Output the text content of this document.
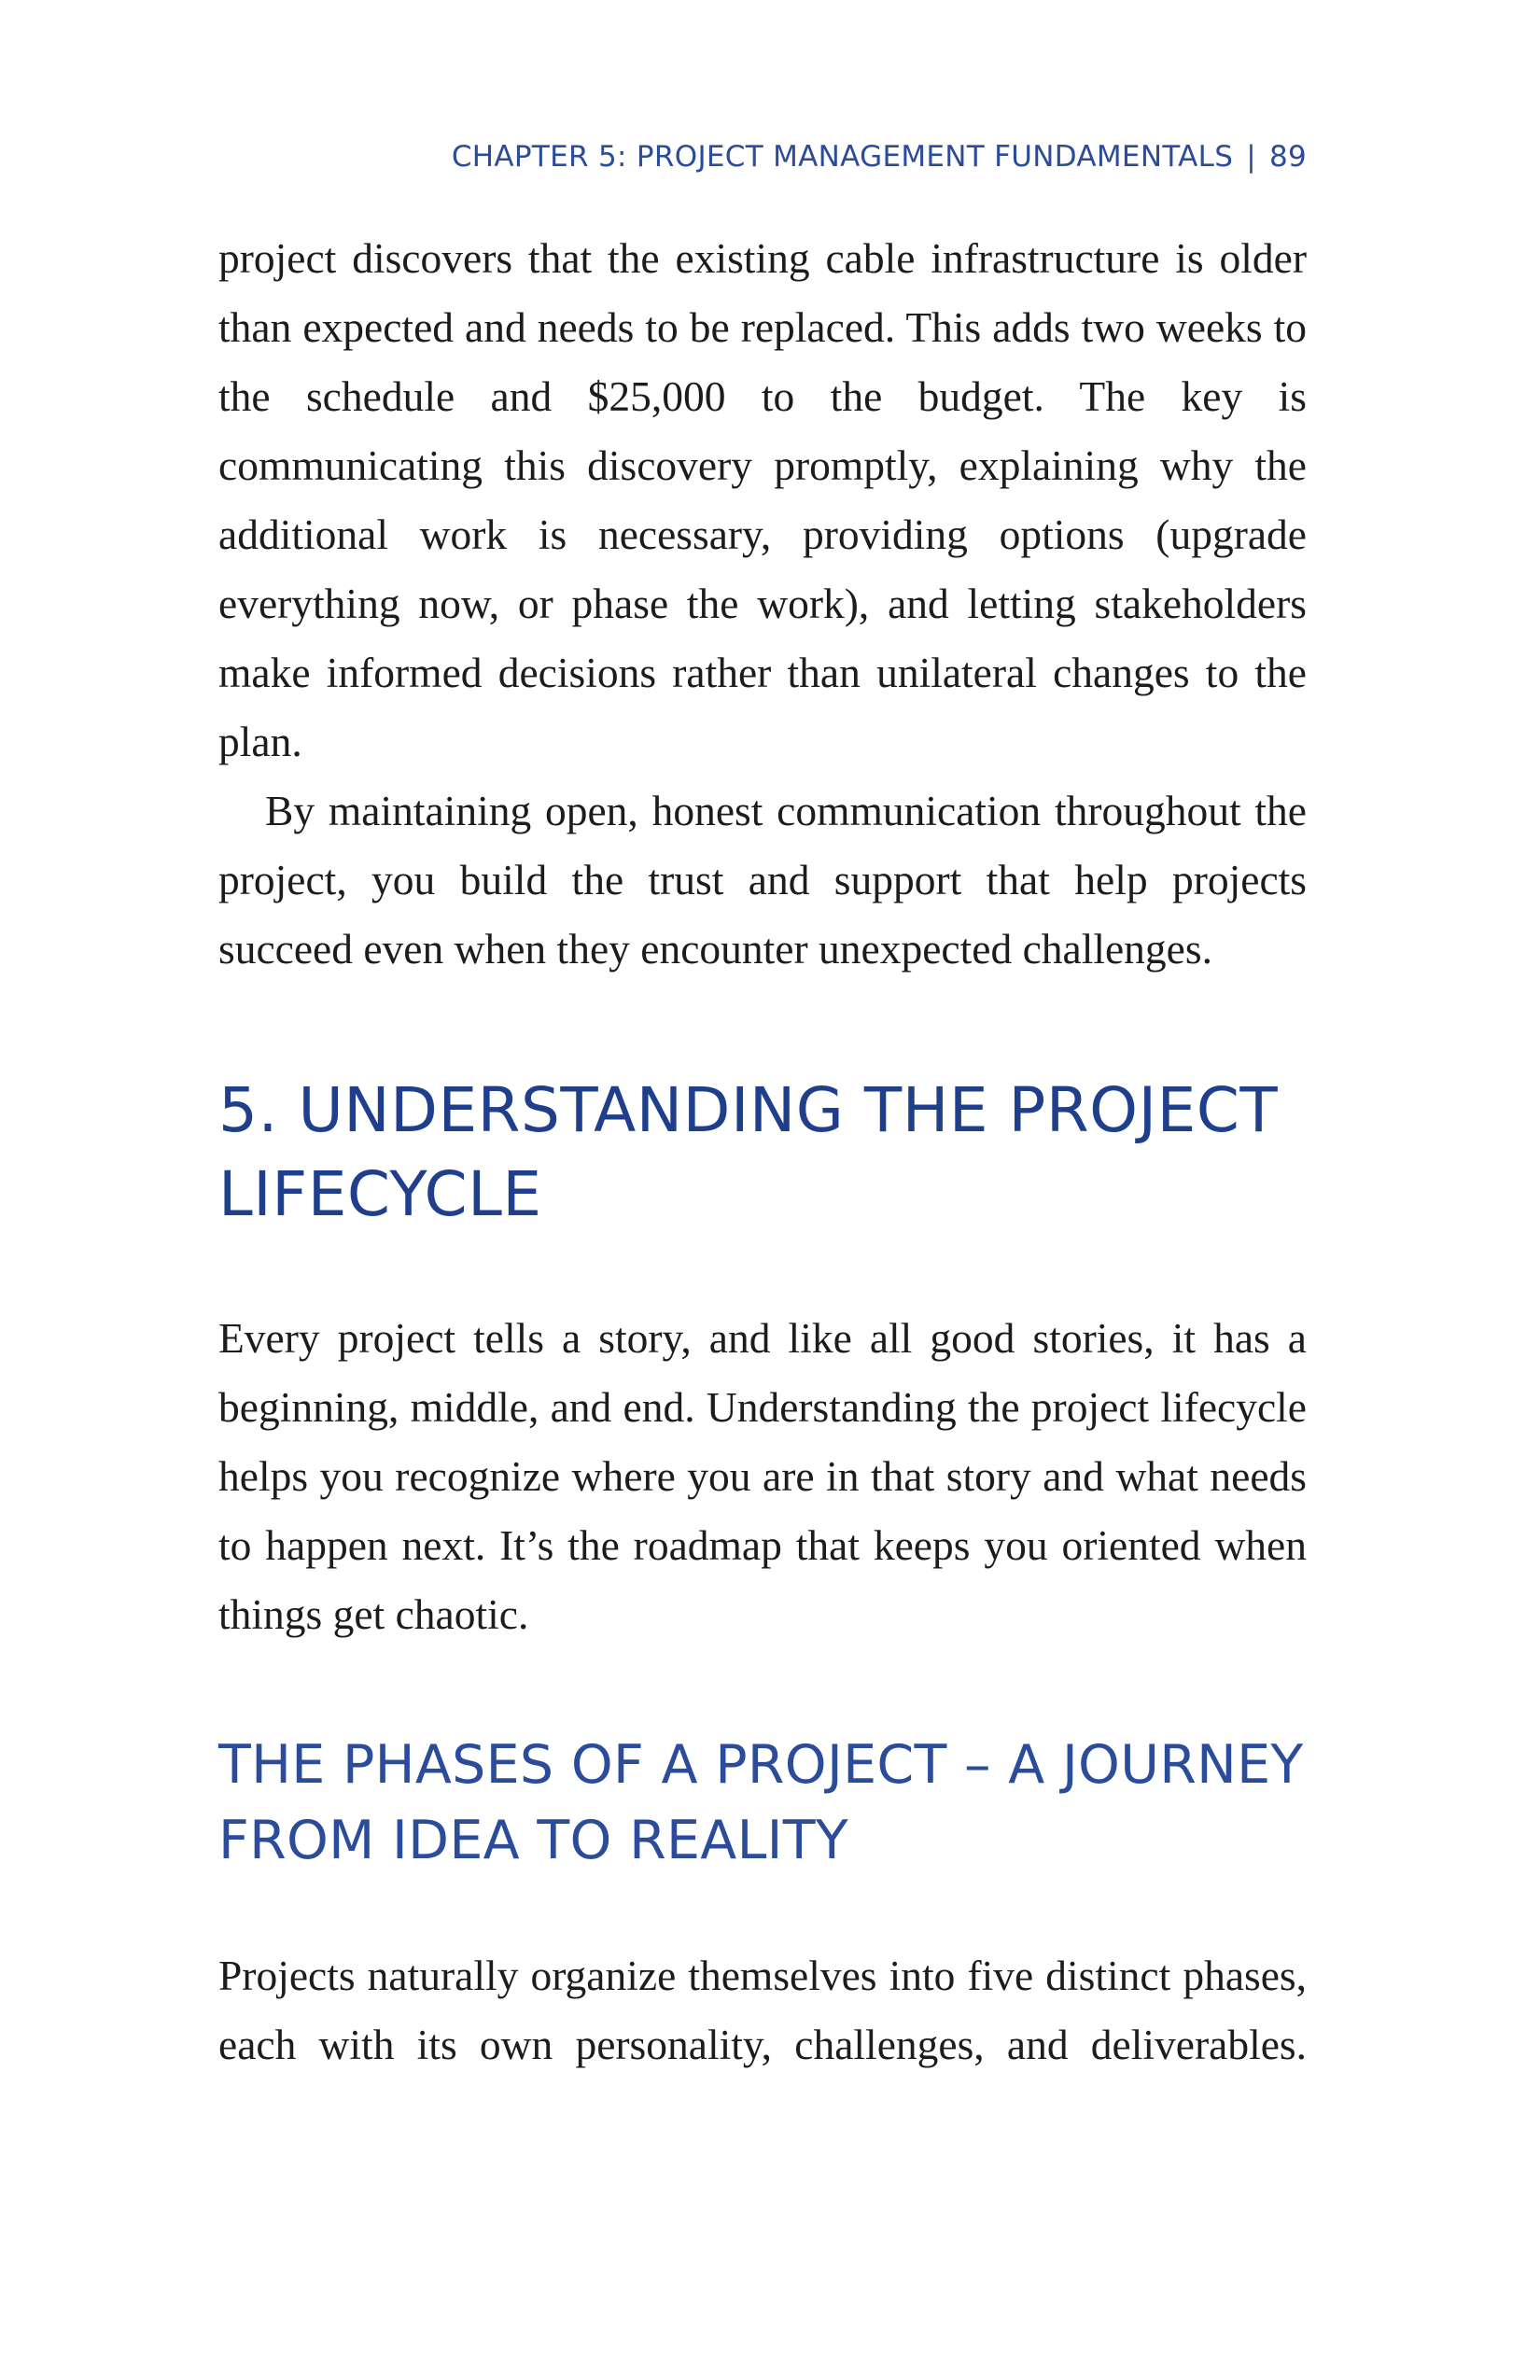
CHAPTER 5: PROJECT MANAGEMENT FUNDAMENTALS | 89

project discovers that the existing cable infrastructure is older than expected and needs to be replaced. This adds two weeks to the schedule and $25,000 to the budget. The key is communicating this discovery promptly, explaining why the additional work is necessary, providing options (upgrade everything now, or phase the work), and letting stakeholders make informed decisions rather than unilateral changes to the plan.

By maintaining open, honest communication throughout the project, you build the trust and support that help projects succeed even when they encounter unexpected challenges.

5. UNDERSTANDING THE PROJECT LIFECYCLE

Every project tells a story, and like all good stories, it has a beginning, middle, and end. Understanding the project lifecycle helps you recognize where you are in that story and what needs to happen next. It’s the roadmap that keeps you oriented when things get chaotic.

THE PHASES OF A PROJECT – A JOURNEY FROM IDEA TO REALITY

Projects naturally organize themselves into five distinct phases, each with its own personality, challenges, and deliverables.
